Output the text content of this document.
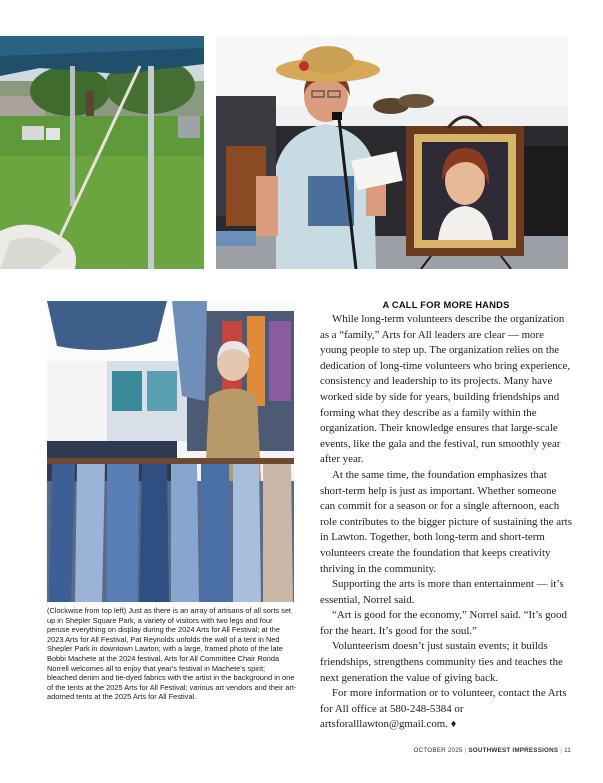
(Clockwise from top left) Just as there is an array of artisans of all sorts set up in Shepler Square Park, a variety of visitors with two legs and four peruse everything on display during the 2024 Arts for All Festival; at the 2023 Arts for All Festival, Pat Reynolds unfolds the wall of a tent in Ned Shepler Park in downtown Lawton; with a large, framed photo of the late Bobbi Machete at the 2024 festival, Arts for All Committee Chair Ronda Norrell welcomes all to enjoy that year's festival in Machete's spirit; bleached denim and tie-dyed fabrics with the artist in the background in one of the tents at the 2025 Arts for All Festival; various art vendors and their art-adorned tents at the 2025 Arts for All Festival.

A CALL FOR MORE HANDS

While long-term volunteers describe the organization as a “family,” Arts for All leaders are clear — more young people to step up. The organization relies on the dedication of long-time volunteers who bring experience, consistency and leadership to its projects. Many have worked side by side for years, building friendships and forming what they describe as a family within the organization. Their knowledge ensures that large-scale events, like the gala and the festival, run smoothly year after year.

At the same time, the foundation emphasizes that short-term help is just as important. Whether someone can commit for a season or for a single afternoon, each role contributes to the bigger picture of sustaining the arts in Lawton. Together, both long-term and short-term volunteers create the foundation that keeps creativity thriving in the community.

Supporting the arts is more than entertainment — it’s essential, Norrel said.

“Art is good for the economy,” Norrel said. “It’s good for the heart. It’s good for the soul.”

Volunteerism doesn’t just sustain events; it builds friendships, strengthens community ties and teaches the next generation the value of giving back.

For more information or to volunteer, contact the Arts for All office at 580-248-5384 or artsforalllawton@gmail.com. ♦

OCTOBER 2025 | SOUTHWEST IMPRESSIONS | 11
